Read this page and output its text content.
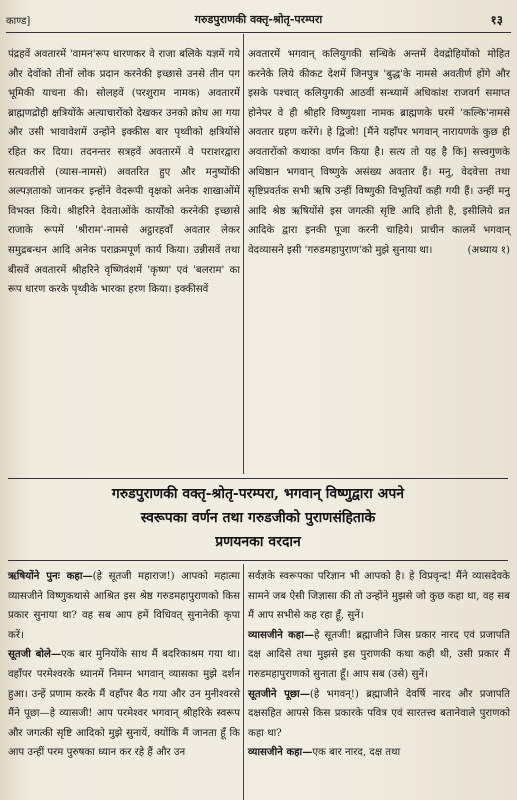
काण्ड]	गरुडपुराणकी वक्तृ-श्रोतृ-परम्परा	१३

पंद्रहवें अवतारमें 'वामन'रूप धारणकर वे राजा बलिके यज्ञमें गये और देवोंको तीनों लोक प्रदान करनेकी इच्छासे उनसे तीन पग भूमिकी याचना की। सोलहवें (परशुराम नामक) अवतारमें ब्राह्मणद्रोही क्षत्रियोंके अत्याचारोंको देखकर उनको क्रोध आ गया और उसी भावावेशमें उन्होंने इक्कीस बार पृथ्वीको क्षत्रियोंसे रहित कर दिया। तदनन्तर सत्रहवें अवतारमें वे पराशरद्वारा सत्यवतीसे (व्यास-नामसे) अवतरित हुए और मनुष्योंकी अल्पज्ञताको जानकर इन्होंने वेदरूपी वृक्षको अनेक शाखाओंमें विभक्त किये। श्रीहरिने देवताओंके कार्योंको करनेकी इच्छासे राजाके रूपमें 'श्रीराम'-नामसे अट्ठारहवाँ अवतार लेकर समुद्रबन्धन आदि अनेक पराक्रमपूर्ण कार्य किया। उन्नीसवें तथा बीसवें अवतारमें श्रीहरिने वृष्णिवंशमें 'कृष्ण' एवं 'बलराम' का रूप धारण करके पृथ्वीके भारका हरण किया। इक्कीसवें

अवतारमें भगवान् कलियुगकी सन्धिके अन्तमें देवद्रोहियोंको मोहित करनेके लिये कीकट देशमें जिनपुत्र 'बुद्ध'के नामसे अवतीर्ण होंगे और इसके पश्चात् कलियुगकी आठवीं सन्ध्यामें अधिकांश राजवर्ग समाप्त होनेपर वे ही श्रीहरि विष्णुयशा नामक ब्राह्मणके घरमें 'कल्कि'नामसे अवतार ग्रहण करेंगे। हे द्विजो! [मैंने यहाँपर भगवान् नारायणके कुछ ही अवतारोंको कथाका वर्णन किया है। सत्य तो यह है कि] सत्त्वगुणके अधिष्ठान भगवान् विष्णुके असंख्य अवतार हैं। मनु, वेदवेत्ता तथा सृष्टिप्रवर्तक सभी ऋषि उन्हीं विष्णुकी विभूतियाँ कही गयी हैं। उन्हीं मनु आदि श्रेष्ठ ऋषियोंसे इस जगत्की सृष्टि आदि होती है, इसीलिये व्रत आदिके द्वारा इनकी पूजा करनी चाहिये। प्राचीन कालमें भगवान् वेदव्यासने इसी 'गरुडमहापुराण'को मुझे सुनाया था।	(अध्याय १)

गरुडपुराणकी वक्तृ-श्रोतृ-परम्परा, भगवान् विष्णुद्वारा अपने
स्वरूपका वर्णन तथा गरुडजीको पुराणसंहिताके
प्रणयनका वरदान

ऋषियोंने पुनः कहा—(हे सूतजी महाराज!) आपको महात्मा व्यासजीने विष्णुकथासे आश्रित इस श्रेष्ठ गरुडमहापुराणको किस प्रकार सुनाया था? वह सब आप हमें विधिवत् सुनानेकी कृपा करें।

सूतजी बोले—एक बार मुनियोंके साथ मैं बदरिकाश्रम गया था। वहाँपर परमेश्वरके ध्यानमें निमग्न भगवान् व्यासका मुझे दर्शन हुआ। उन्हें प्रणाम करके मैं वहाँपर बैठ गया और उन मुनीश्वरसे मैंने पूछा—हे व्यासजी! आप परमेश्वर भगवान् श्रीहरिके स्वरूप और जगत्की सृष्टि आदिको मुझे सुनायें, क्योंकि मैं जानता हूँ कि आप उन्हीं परम पुरुषका ध्यान कर रहे हैं और उन

सर्वज्ञके स्वरूपका परिज्ञान भी आपको है। हे विप्रवृन्द! मैंने व्यासदेवके सामने जब ऐसी जिज्ञासा की तो उन्होंने मुझसे जो कुछ कहा था, वह सब मैं आप सभीसे कह रहा हूँ, सुनें।

व्यासजीने कहा—हे सूतजी! ब्रह्माजीने जिस प्रकार नारद एवं प्रजापति दक्ष आदिसे तथा मुझसे इस पुराणकी कथा कही थी, उसी प्रकार मैं गरुडमहापुराणको सुनाता हूँ। आप सब (उसे) सुनें।

सूतजीने पूछा—(हे भगवन्!) ब्रह्माजीने देवर्षि नारद और प्रजापति दक्षसहित आपसे किस प्रकारके पवित्र एवं सारतत्त्व बतानेवाले पुराणको कहा था?

व्यासजीने कहा—एक बार नारद, दक्ष तथा
